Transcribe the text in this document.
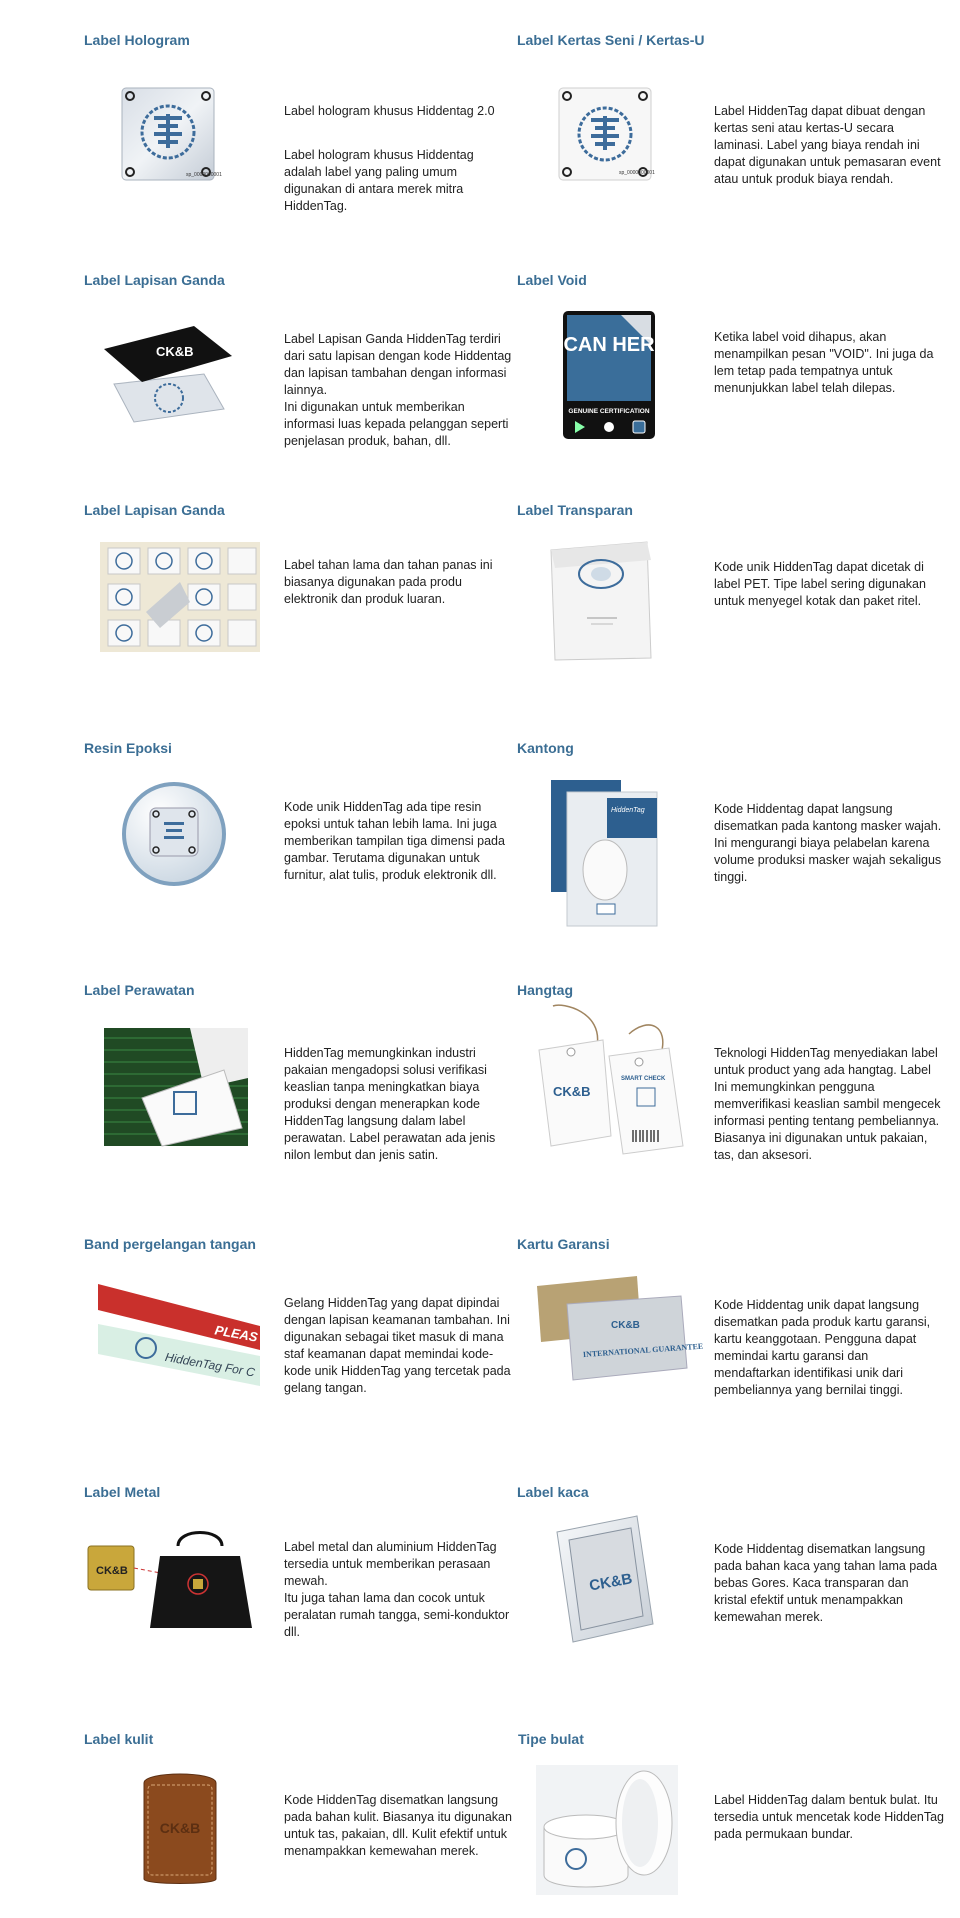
Label Hologram
sp_0000000001

Label hologram khusus Hiddentag 2.0

Label hologram khusus Hiddentag adalah label yang paling umum digunakan di antara merek mitra HiddenTag.

Label Kertas Seni / Kertas-U
sp_0000000001

Label HiddenTag dapat dibuat dengan kertas seni atau kertas-U secara laminasi. Label yang biaya rendah ini dapat digunakan untuk pemasaran event atau untuk produk biaya rendah.

Label Lapisan Ganda
CK&B

Label Lapisan Ganda HiddenTag terdiri dari satu lapisan dengan kode Hiddentag dan lapisan tambahan dengan informasi lainnya.
Ini digunakan untuk memberikan informasi luas kepada pelanggan seperti penjelasan produk, bahan, dll.

Label Void
SCAN HERE
GENUINE CERTIFICATION

Ketika label void dihapus, akan menampilkan pesan "VOID". Ini juga da lem tetap pada tempatnya untuk menunjukkan label telah dilepas.

Label Lapisan Ganda

Label tahan lama dan tahan panas ini biasanya digunakan pada produ elektronik dan produk luaran.

Label Transparan

Kode unik HiddenTag dapat dicetak di label PET. Tipe label sering digunakan untuk menyegel kotak dan paket ritel.

Resin Epoksi

Kode unik HiddenTag ada tipe resin epoksi untuk tahan lebih lama. Ini juga memberikan tampilan tiga dimensi pada gambar. Terutama digunakan untuk furnitur, alat tulis, produk elektronik dll.

Kantong
HiddenTag	Kode Hiddentag dapat langsung disematkan pada kantong masker wajah. Ini mengurangi biaya pelabelan karena volume produksi masker wajah sekaligus tinggi.

Label Perawatan

HiddenTag memungkinkan industri pakaian mengadopsi solusi verifikasi keaslian tanpa meningkatkan biaya produksi dengan menerapkan kode HiddenTag langsung dalam label perawatan. Label perawatan ada jenis nilon lembut dan jenis satin.

Hangtag
CK&B
SMART CHECK

Teknologi HiddenTag menyediakan label untuk product yang ada hangtag. Label Ini memungkinkan pengguna memverifikasi keaslian sambil mengecek informasi penting tentang pembeliannya. Biasanya ini digunakan untuk pakaian, tas, dan aksesori.

Band pergelangan tangan
PLEAS
HiddenTag For C

Gelang HiddenTag yang dapat dipindai dengan lapisan keamanan tambahan. Ini digunakan sebagai tiket masuk di mana staf keamanan dapat memindai kode-kode unik HiddenTag yang tercetak pada gelang tangan.

Kartu Garansi
CK&B
INTERNATIONAL GUARANTEE

Kode Hiddentag unik dapat langsung disematkan pada produk kartu garansi, kartu keanggotaan. Pengguna dapat memindai kartu garansi dan mendaftarkan identifikasi unik dari pembeliannya yang bernilai tinggi.

Label Metal
CK&B

Label metal dan aluminium HiddenTag tersedia untuk memberikan perasaan mewah.
Itu juga tahan lama dan cocok untuk peralatan rumah tangga, semi-konduktor dll.

Label kaca
CK&B

Kode Hiddentag disematkan langsung pada bahan kaca yang tahan lama pada bebas Gores. Kaca transparan dan kristal efektif untuk menampakkan kemewahan merek.

Label kulit
CK&B

Kode HiddenTag disematkan langsung pada bahan kulit. Biasanya itu digunakan untuk tas, pakaian, dll. Kulit efektif untuk menampakkan kemewahan merek.

Tipe bulat

Label HiddenTag dalam bentuk bulat. Itu tersedia untuk mencetak kode HiddenTag pada permukaan bundar.
